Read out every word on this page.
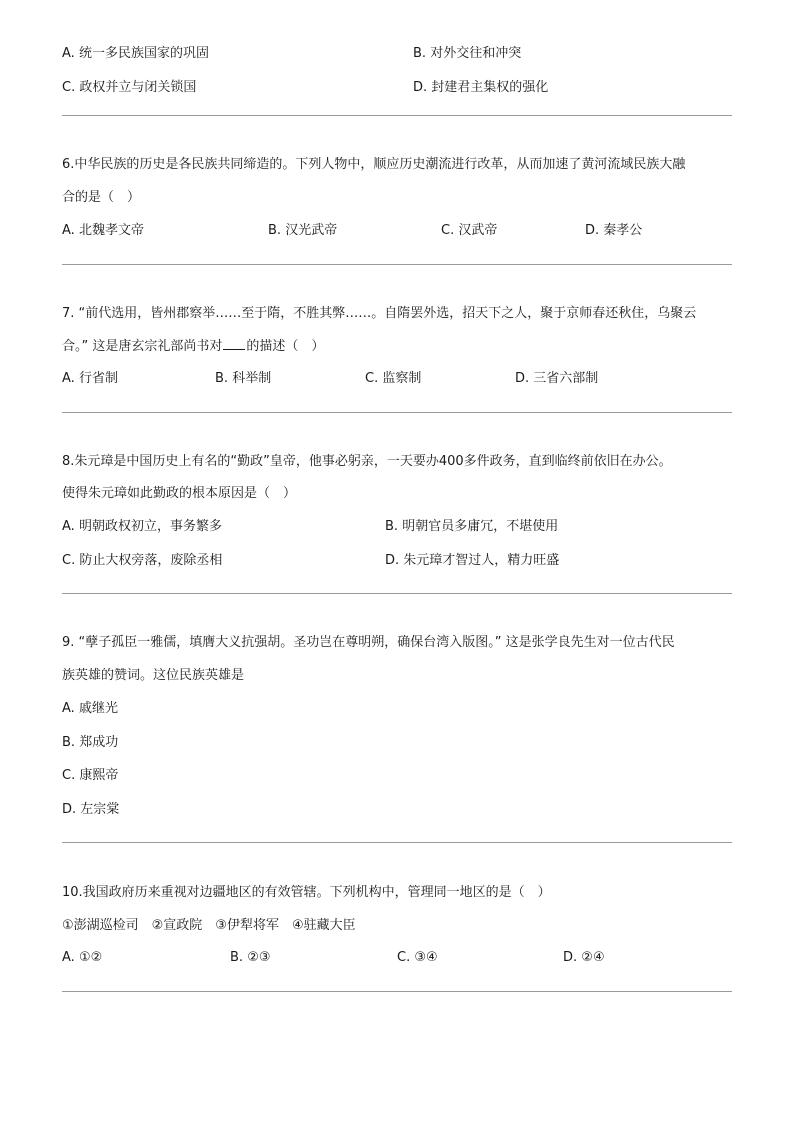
A. 统一多民族国家的巩固	B. 对外交往和冲突
C. 政权并立与闭关锁国	D. 封建君主集权的强化
6.中华民族的历史是各民族共同缔造的。下列人物中，顺应历史潮流进行改革，从而加速了黄河流域民族大融
合的是（　）
A. 北魏孝文帝	B. 汉光武帝	C. 汉武帝	D. 秦孝公
7. “前代选用，皆州郡察举……至于隋，不胜其弊……。自隋罢外选，招天下之人，聚于京师春还秋住，乌聚云
合。” 这是唐玄宗礼部尚书对 的描述（　）
A. 行省制	B. 科举制	C. 监察制	D. 三省六部制
8.朱元璋是中国历史上有名的“勤政”皇帝，他事必躬亲，一天要办400多件政务，直到临终前依旧在办公。
使得朱元璋如此勤政的根本原因是（　）
A. 明朝政权初立，事务繁多	B. 明朝官员多庸冗，不堪使用
C. 防止大权旁落，废除丞相	D. 朱元璋才智过人，精力旺盛
9. “孽子孤臣一雅儒，填膺大义抗强胡。圣功岂在尊明朔，确保台湾入版图。” 这是张学良先生对一位古代民
族英雄的赞词。这位民族英雄是
A. 戚继光
B. 郑成功
C. 康熙帝
D. 左宗棠
10.我国政府历来重视对边疆地区的有效管辖。下列机构中，管理同一地区的是（　）
①澎湖巡检司　②宣政院　③伊犁将军　④驻藏大臣
A. ①②	B. ②③	C. ③④	D. ②④
